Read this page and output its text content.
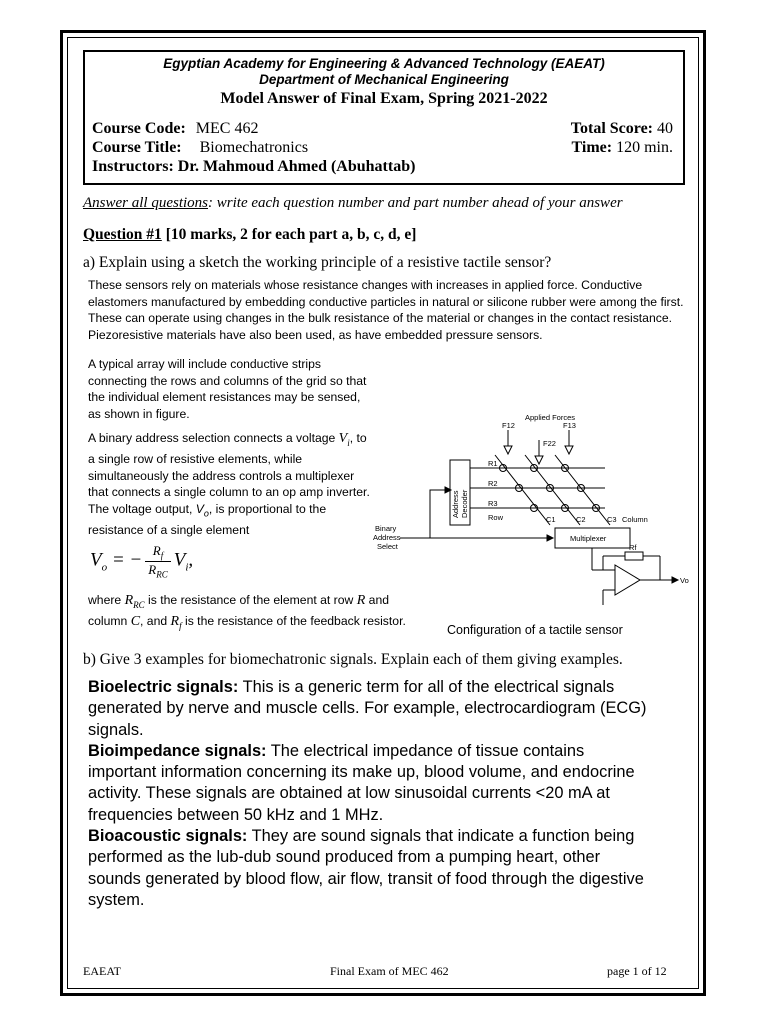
Egyptian Academy for Engineering & Advanced Technology (EAEAT)
Department of Mechanical Engineering
Model Answer of Final Exam, Spring 2021-2022
Course Code: MEC 462
Course Title: Biomechatronics
Instructors: Dr. Mahmoud Ahmed (Abuhattab)
Total Score: 40
Time: 120 min.
Answer all questions: write each question number and part number ahead of your answer
Question #1 [10 marks, 2 for each part a, b, c, d, e]
a) Explain using a sketch the working principle of a resistive tactile sensor?
These sensors rely on materials whose resistance changes with increases in applied force. Conductive elastomers manufactured by embedding conductive particles in natural or silicone rubber were among the first. These can operate using changes in the bulk resistance of the material or changes in the contact resistance. Piezoresistive materials have also been used, as have embedded pressure sensors.
A typical array will include conductive strips connecting the rows and columns of the grid so that the individual element resistances may be sensed, as shown in figure.
A binary address selection connects a voltage $V_i$, to a single row of resistive elements, while simultaneously the address controls a multiplexer that connects a single column to an op amp inverter. The voltage output, $V_o$, is proportional to the resistance of a single element
$V_o$ = − $\frac{R_f}{R_{RC}} V_i$,
where $R_{RC}$ is the resistance of the element at row R and column C, and $R_f$ is the resistance of the feedback resistor.
Applied Forces
F12	F13
F22
R1
R2
R3
Row	C1	C2	C3 Column
Address Decoder
Binary
Address
Select
Multiplexer
Rf
Vo
Configuration of a tactile sensor
b) Give 3 examples for biomechatronic signals. Explain each of them giving examples.
Bioelectric signals: This is a generic term for all of the electrical signals generated by nerve and muscle cells. For example, electrocardiogram (ECG) signals.
Bioimpedance signals: The electrical impedance of tissue contains important information concerning its make up, blood volume, and endocrine activity. These signals are obtained at low sinusoidal currents <20 mA at frequencies between 50 kHz and 1 MHz.
Bioacoustic signals: They are sound signals that indicate a function being performed as the lub-dub sound produced from a pumping heart, other sounds generated by blood flow, air flow, transit of food through the digestive system.
EAEAT	Final Exam of MEC 462	page 1 of 12
